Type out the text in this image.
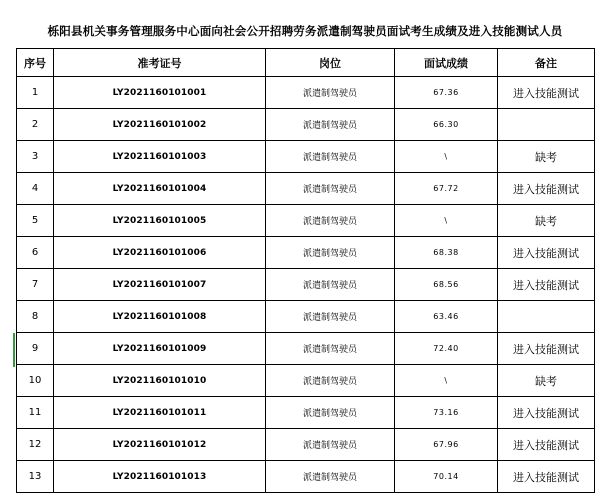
栎阳县机关事务管理服务中心面向社会公开招聘劳务派遣制驾驶员面试考生成绩及进入技能测试人员
序号	准考证号	岗位	面试成绩	备注
1	LY2021160101001	派遣制驾驶员	67.36	进入技能测试
2	LY2021160101002	派遣制驾驶员	66.30	
3	LY2021160101003	派遣制驾驶员	\	缺考
4	LY2021160101004	派遣制驾驶员	67.72	进入技能测试
5	LY2021160101005	派遣制驾驶员	\	缺考
6	LY2021160101006	派遣制驾驶员	68.38	进入技能测试
7	LY2021160101007	派遣制驾驶员	68.56	进入技能测试
8	LY2021160101008	派遣制驾驶员	63.46	
9	LY2021160101009	派遣制驾驶员	72.40	进入技能测试
10	LY2021160101010	派遣制驾驶员	\	缺考
11	LY2021160101011	派遣制驾驶员	73.16	进入技能测试
12	LY2021160101012	派遣制驾驶员	67.96	进入技能测试
13	LY2021160101013	派遣制驾驶员	70.14	进入技能测试
